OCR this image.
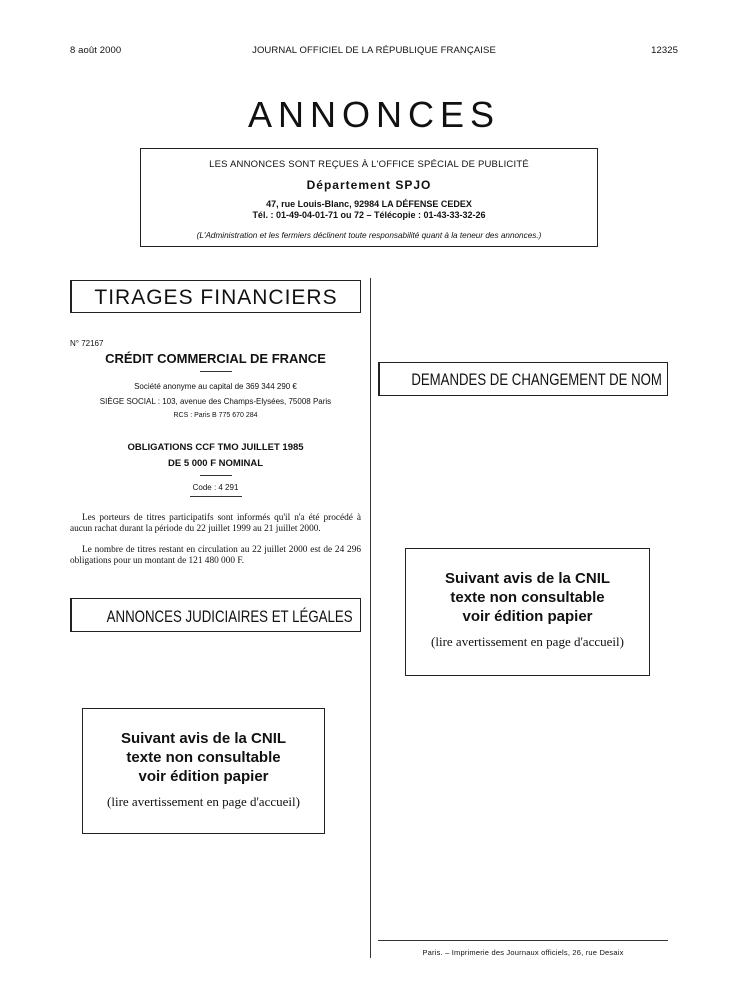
8 août 2000	JOURNAL OFFICIEL DE LA RÉPUBLIQUE FRANÇAISE	12325
ANNONCES
LES ANNONCES SONT REÇUES À L'OFFICE SPÉCIAL DE PUBLICITÉ
Département SPJO
47, rue Louis-Blanc, 92984 LA DÉFENSE CEDEX
Tél. : 01-49-04-01-71 ou 72 – Télécopie : 01-43-33-32-26
(L'Administration et les fermiers déclinent toute responsabilité quant à la teneur des annonces.)
TIRAGES FINANCIERS
N° 72167
CRÉDIT COMMERCIAL DE FRANCE
Société anonyme au capital de 369 344 290 €
SIÈGE SOCIAL : 103, avenue des Champs-Elysées, 75008 Paris
RCS : Paris B 775 670 284
OBLIGATIONS CCF TMO JUILLET 1985
DE 5 000 F NOMINAL
Code : 4 291
Les porteurs de titres participatifs sont informés qu'il n'a été procédé à aucun rachat durant la période du 22 juillet 1999 au 21 juillet 2000.
Le nombre de titres restant en circulation au 22 juillet 2000 est de 24 296 obligations pour un montant de 121 480 000 F.
ANNONCES JUDICIAIRES ET LÉGALES
Suivant avis de la CNIL
texte non consultable
voir édition papier
(lire avertissement en page d'accueil)
DEMANDES DE CHANGEMENT DE NOM
Suivant avis de la CNIL
texte non consultable
voir édition papier
(lire avertissement en page d'accueil)
Paris. – Imprimerie des Journaux officiels, 26, rue Desaix
